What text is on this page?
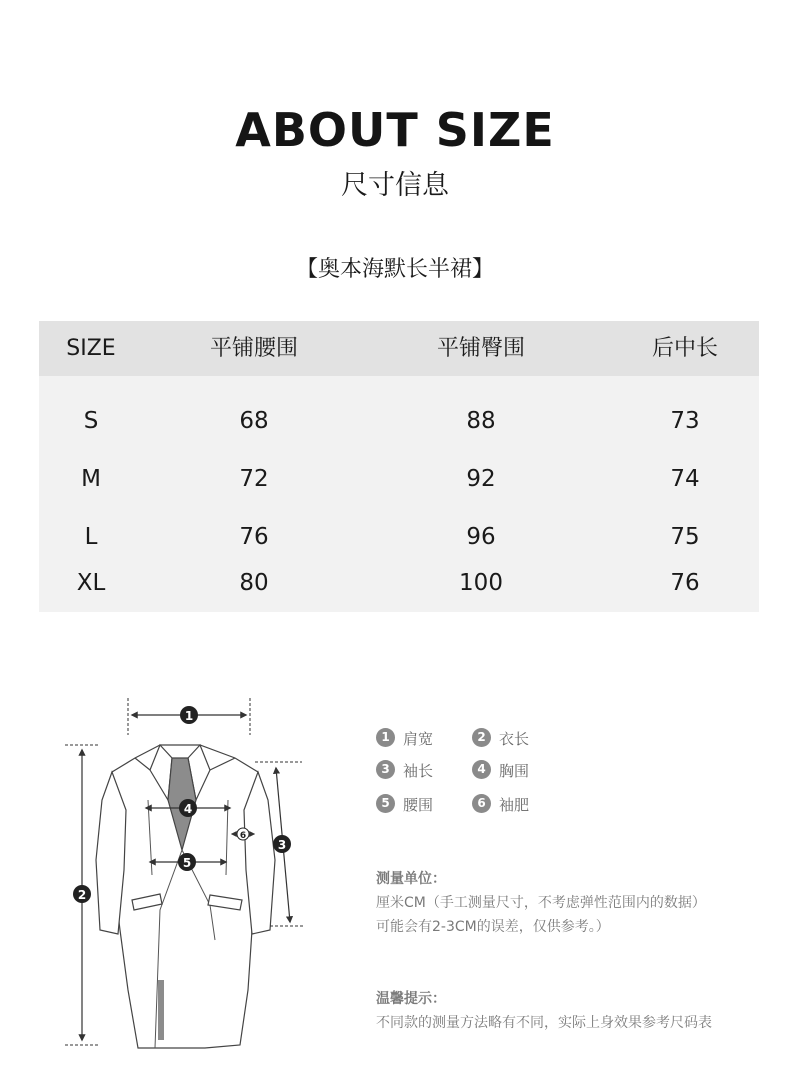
ABOUT SIZE
尺寸信息
【奥本海默长半裙】
SIZE	平铺腰围	平铺臀围	后中长
S	68	88	73
M	72	92	74
L	76	96	75
XL	80	100	76
1
2
3
4
5
6
1 肩宽	2 衣长
3 袖长	4 胸围
5 腰围	6 袖肥
测量单位：
厘米CM（手工测量尺寸，不考虑弹性范围内的数据）
可能会有2-3CM的误差，仅供参考。）
温馨提示：
不同款的测量方法略有不同，实际上身效果参考尺码表
